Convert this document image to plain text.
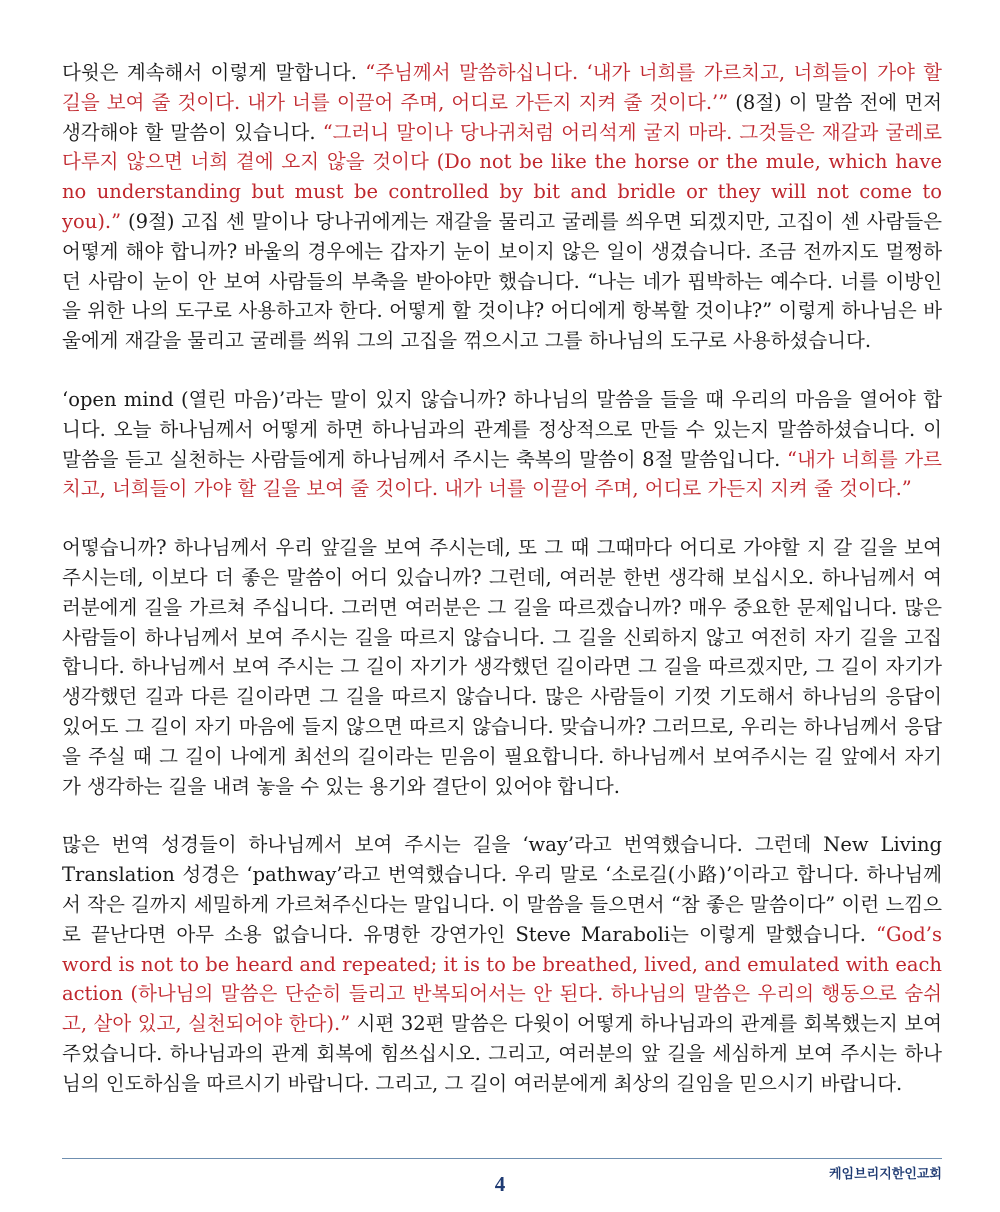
다윗은 계속해서 이렇게 말합니다. “주님께서 말씀하십니다. ‘내가 너희를 가르치고, 너희들이 가야 할 길을 보여 줄 것이다. 내가 너를 이끌어 주며, 어디로 가든지 지켜 줄 것이다.’” (8절) 이 말씀 전에 먼저 생각해야 할 말씀이 있습니다. “그러니 말이나 당나귀처럼 어리석게 굴지 마라. 그것들은 재갈과 굴레로 다루지 않으면 너희 곁에 오지 않을 것이다 (Do not be like the horse or the mule, which have no understanding but must be controlled by bit and bridle or they will not come to you).” (9절) 고집 센 말이나 당나귀에게는 재갈을 물리고 굴레를 씌우면 되겠지만, 고집이 센 사람들은 어떻게 해야 합니까? 바울의 경우에는 갑자기 눈이 보이지 않은 일이 생겼습니다. 조금 전까지도 멀쩡하던 사람이 눈이 안 보여 사람들의 부축을 받아야만 했습니다. “나는 네가 핍박하는 예수다. 너를 이방인을 위한 나의 도구로 사용하고자 한다. 어떻게 할 것이냐? 어디에게 항복할 것이냐?” 이렇게 하나님은 바울에게 재갈을 물리고 굴레를 씌워 그의 고집을 꺾으시고 그를 하나님의 도구로 사용하셨습니다.

‘open mind (열린 마음)’라는 말이 있지 않습니까? 하나님의 말씀을 들을 때 우리의 마음을 열어야 합니다. 오늘 하나님께서 어떻게 하면 하나님과의 관계를 정상적으로 만들 수 있는지 말씀하셨습니다. 이 말씀을 듣고 실천하는 사람들에게 하나님께서 주시는 축복의 말씀이 8절 말씀입니다. “내가 너희를 가르치고, 너희들이 가야 할 길을 보여 줄 것이다. 내가 너를 이끌어 주며, 어디로 가든지 지켜 줄 것이다.”

어떻습니까? 하나님께서 우리 앞길을 보여 주시는데, 또 그 때 그때마다 어디로 가야할 지 갈 길을 보여 주시는데, 이보다 더 좋은 말씀이 어디 있습니까? 그런데, 여러분 한번 생각해 보십시오. 하나님께서 여러분에게 길을 가르쳐 주십니다. 그러면 여러분은 그 길을 따르겠습니까? 매우 중요한 문제입니다. 많은 사람들이 하나님께서 보여 주시는 길을 따르지 않습니다. 그 길을 신뢰하지 않고 여전히 자기 길을 고집합니다. 하나님께서 보여 주시는 그 길이 자기가 생각했던 길이라면 그 길을 따르겠지만, 그 길이 자기가 생각했던 길과 다른 길이라면 그 길을 따르지 않습니다. 많은 사람들이 기껏 기도해서 하나님의 응답이 있어도 그 길이 자기 마음에 들지 않으면 따르지 않습니다. 맞습니까? 그러므로, 우리는 하나님께서 응답을 주실 때 그 길이 나에게 최선의 길이라는 믿음이 필요합니다. 하나님께서 보여주시는 길 앞에서 자기가 생각하는 길을 내려 놓을 수 있는 용기와 결단이 있어야 합니다.

많은 번역 성경들이 하나님께서 보여 주시는 길을 ‘way’라고 번역했습니다. 그런데 New Living Translation 성경은 ‘pathway’라고 번역했습니다. 우리 말로 ‘소로길(小路)’이라고 합니다. 하나님께서 작은 길까지 세밀하게 가르쳐주신다는 말입니다. 이 말씀을 들으면서 “참 좋은 말씀이다” 이런 느낌으로 끝난다면 아무 소용 없습니다. 유명한 강연가인 Steve Maraboli는 이렇게 말했습니다. “God’s word is not to be heard and repeated; it is to be breathed, lived, and emulated with each action (하나님의 말씀은 단순히 들리고 반복되어서는 안 된다. 하나님의 말씀은 우리의 행동으로 숨쉬고, 살아 있고, 실천되어야 한다).” 시편 32편 말씀은 다윗이 어떻게 하나님과의 관계를 회복했는지 보여주었습니다. 하나님과의 관계 회복에 힘쓰십시오. 그리고, 여러분의 앞 길을 세심하게 보여 주시는 하나님의 인도하심을 따르시기 바랍니다. 그리고, 그 길이 여러분에게 최상의 길임을 믿으시기 바랍니다.

케임브리지한인교회
4
